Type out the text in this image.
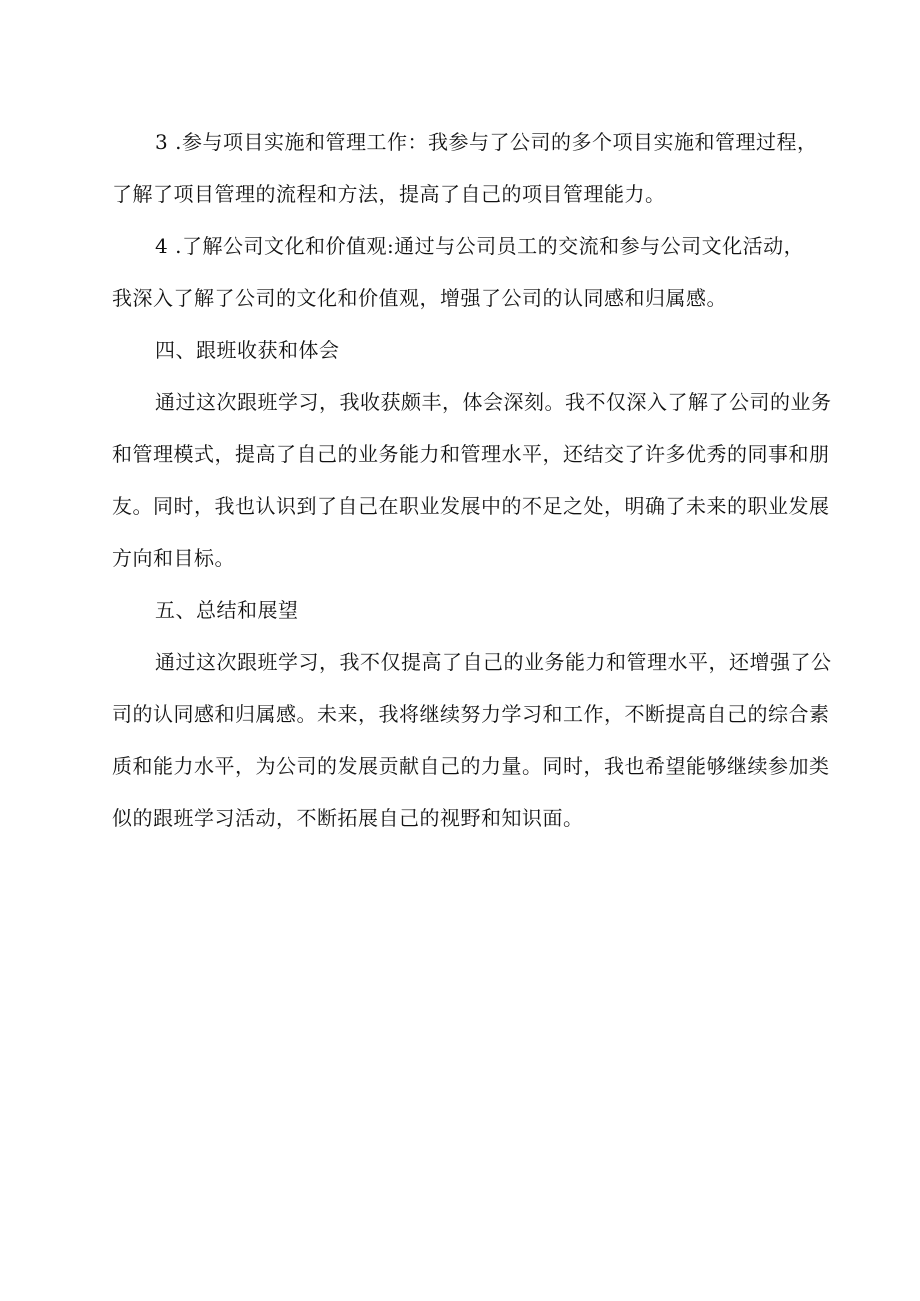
3 .参与项目实施和管理工作：我参与了公司的多个项目实施和管理过程，
了解了项目管理的流程和方法，提高了自己的项目管理能力。
4 .了解公司文化和价值观:通过与公司员工的交流和参与公司文化活动，
我深入了解了公司的文化和价值观，增强了公司的认同感和归属感。
四、跟班收获和体会
通过这次跟班学习，我收获颇丰，体会深刻。我不仅深入了解了公司的业务
和管理模式，提高了自己的业务能力和管理水平，还结交了许多优秀的同事和朋
友。同时，我也认识到了自己在职业发展中的不足之处，明确了未来的职业发展
方向和目标。
五、总结和展望
通过这次跟班学习，我不仅提高了自己的业务能力和管理水平，还增强了公
司的认同感和归属感。未来，我将继续努力学习和工作，不断提高自己的综合素
质和能力水平，为公司的发展贡献自己的力量。同时，我也希望能够继续参加类
似的跟班学习活动，不断拓展自己的视野和知识面。
